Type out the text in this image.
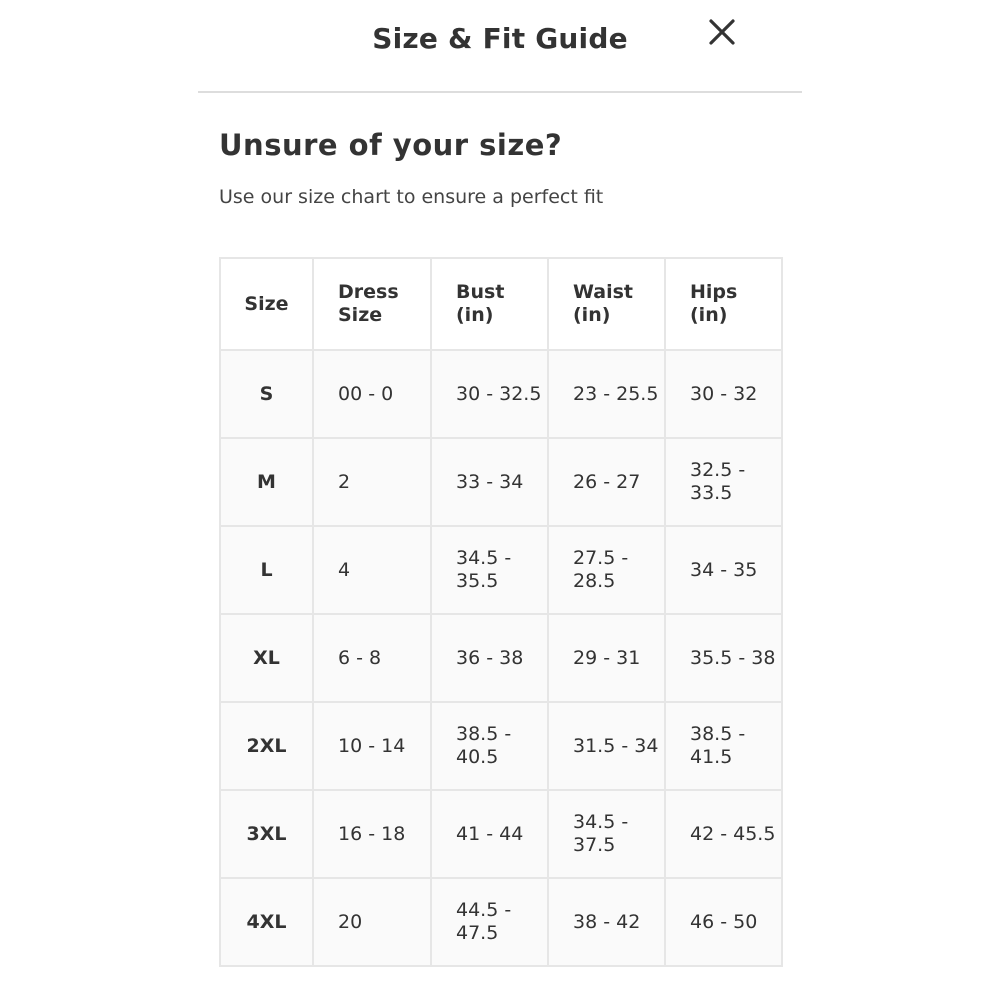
Size & Fit Guide
Unsure of your size?

Use our size chart to ensure a perfect fit

Size	Dress Size	Bust (in)	Waist (in)	Hips (in)

S	00 - 0	30 - 32.5	23 - 25.5	30 - 32

M	2	33 - 34	26 - 27	32.5 - 33.5

L	4	34.5 - 35.5	27.5 - 28.5	34 - 35

XL	6 - 8	36 - 38	29 - 31	35.5 - 38

2XL	10 - 14	38.5 - 40.5	31.5 - 34	38.5 - 41.5

3XL	16 - 18	41 - 44	34.5 - 37.5	42 - 45.5

4XL	20	44.5 - 47.5	38 - 42	46 - 50
